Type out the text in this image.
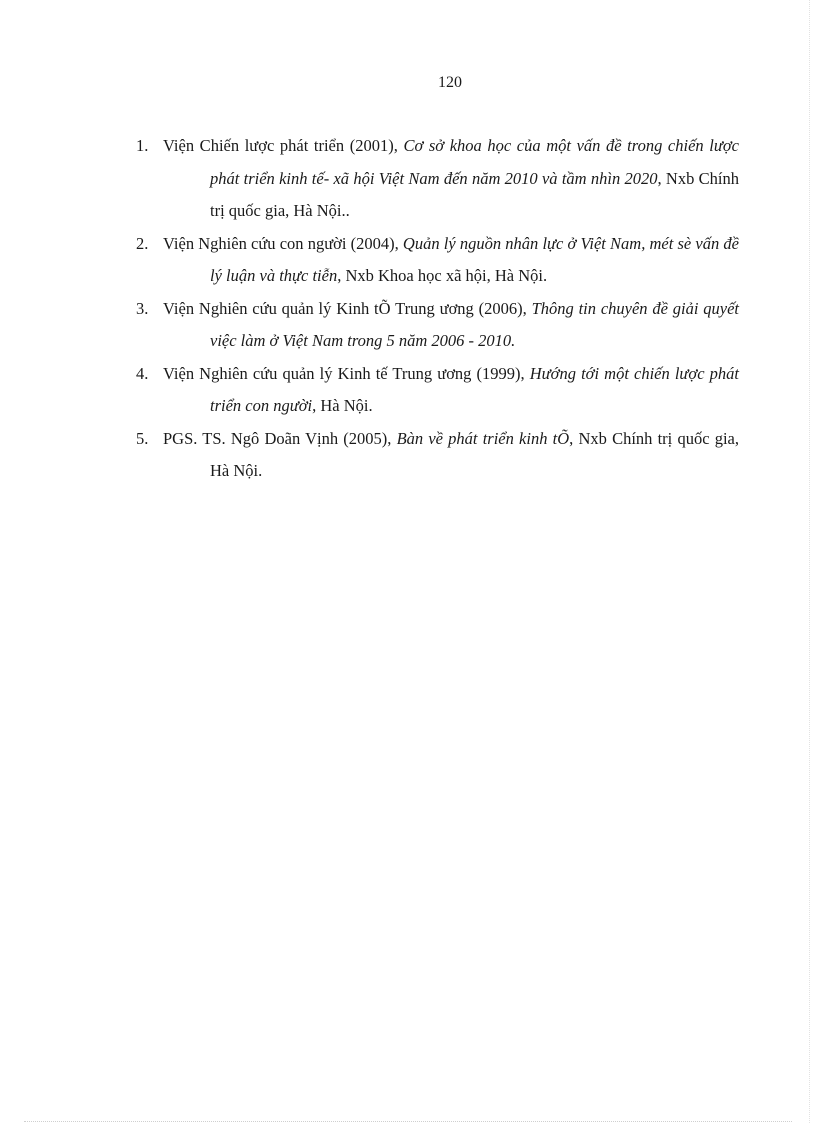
120
1. Viện Chiến lược phát triển (2001), Cơ sở khoa học của một vấn đề trong chiến lược phát triển kinh tế- xã hội Việt Nam đến năm 2010 và tầm nhìn 2020, Nxb Chính trị quốc gia, Hà Nội..
2. Viện Nghiên cứu con người (2004), Quản lý nguồn nhân lực ở Việt Nam, mét sè vấn đề lý luận và thực tiễn, Nxb Khoa học xã hội, Hà Nội.
3. Viện Nghiên cứu quản lý Kinh tÕ Trung ương (2006), Thông tin chuyên đề giải quyết việc làm ở Việt Nam trong 5 năm 2006 - 2010.
4. Viện Nghiên cứu quản lý Kinh tế Trung ương (1999), Hướng tới một chiến lược phát triển con người, Hà Nội.
5. PGS. TS. Ngô Doãn Vịnh (2005), Bàn về phát triển kinh tÕ, Nxb Chính trị quốc gia, Hà Nội.
